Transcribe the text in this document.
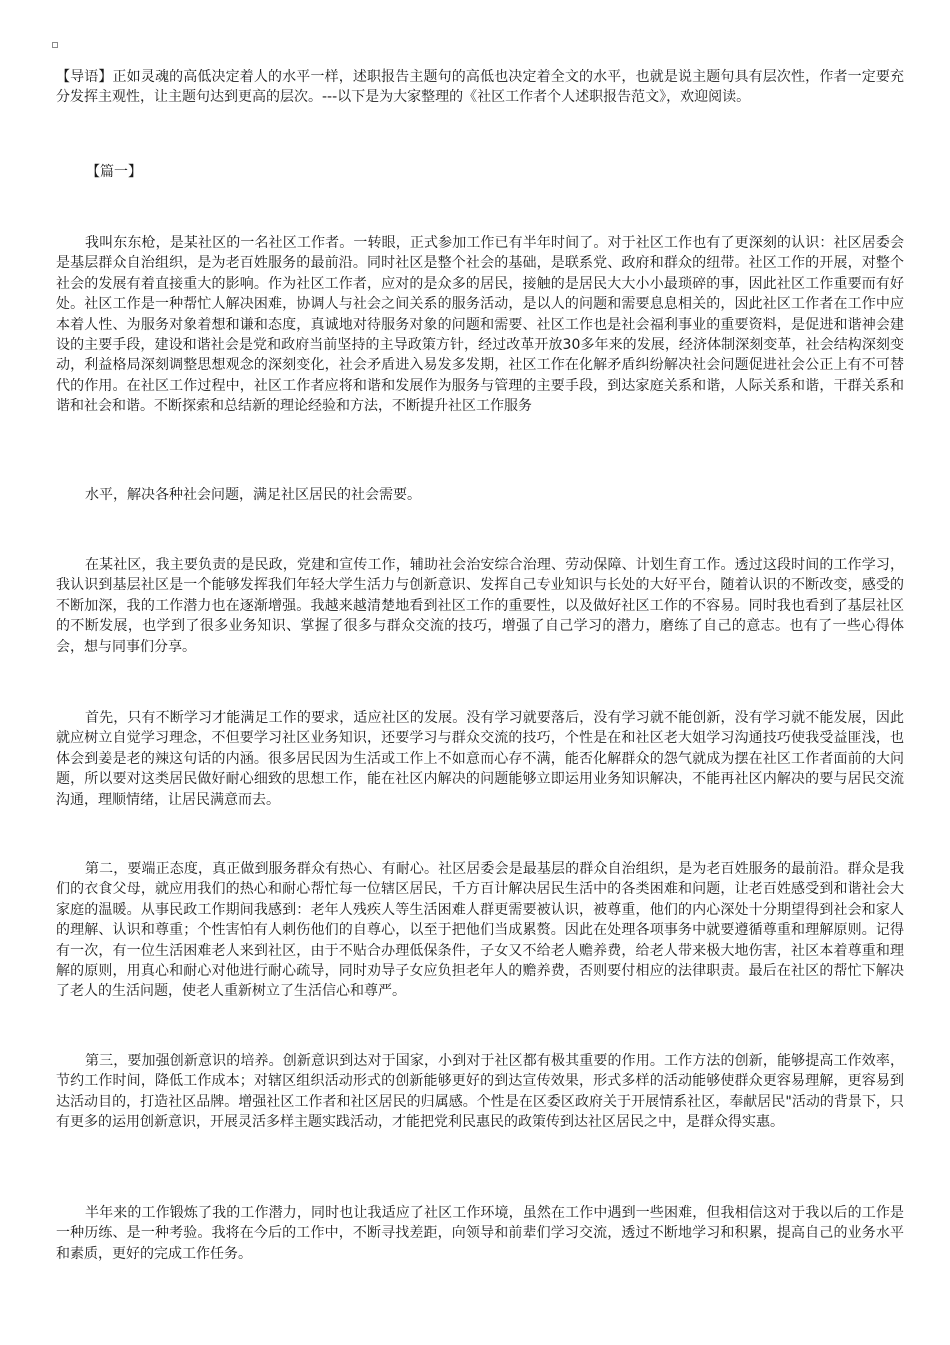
【导语】正如灵魂的高低决定着人的水平一样，述职报告主题句的高低也决定着全文的水平，也就是说主题句具有层次性，作者一定要充分发挥主观性，让主题句达到更高的层次。---以下是为大家整理的《社区工作者个人述职报告范文》，欢迎阅读。

【篇一】

我叫东东枪，是某社区的一名社区工作者。一转眼，正式参加工作已有半年时间了。对于社区工作也有了更深刻的认识：社区居委会是基层群众自治组织，是为老百姓服务的最前沿。同时社区是整个社会的基础，是联系党、政府和群众的纽带。社区工作的开展，对整个社会的发展有着直接重大的影响。作为社区工作者，应对的是众多的居民，接触的是居民大大小小最琐碎的事，因此社区工作重要而有好处。社区工作是一种帮忙人解决困难，协调人与社会之间关系的服务活动，是以人的问题和需要息息相关的，因此社区工作者在工作中应本着人性、为服务对象着想和谦和态度，真诚地对待服务对象的问题和需要、社区工作也是社会福利事业的重要资料，是促进和谐神会建设的主要手段，建设和谐社会是党和政府当前坚持的主导政策方针，经过改革开放30多年来的发展，经济体制深刻变革，社会结构深刻变动，利益格局深刻调整思想观念的深刻变化，社会矛盾进入易发多发期，社区工作在化解矛盾纠纷解决社会问题促进社会公正上有不可替代的作用。在社区工作过程中，社区工作者应将和谐和发展作为服务与管理的主要手段，到达家庭关系和谐，人际关系和谐，干群关系和谐和社会和谐。不断探索和总结新的理论经验和方法，不断提升社区工作服务

水平，解决各种社会问题，满足社区居民的社会需要。

在某社区，我主要负责的是民政，党建和宣传工作，辅助社会治安综合治理、劳动保障、计划生育工作。透过这段时间的工作学习，我认识到基层社区是一个能够发挥我们年轻大学生活力与创新意识、发挥自己专业知识与长处的大好平台，随着认识的不断改变，感受的不断加深，我的工作潜力也在逐渐增强。我越来越清楚地看到社区工作的重要性，以及做好社区工作的不容易。同时我也看到了基层社区的不断发展，也学到了很多业务知识、掌握了很多与群众交流的技巧，增强了自己学习的潜力，磨练了自己的意志。也有了一些心得体会，想与同事们分享。

首先，只有不断学习才能满足工作的要求，适应社区的发展。没有学习就要落后，没有学习就不能创新，没有学习就不能发展，因此就应树立自觉学习理念，不但要学习社区业务知识，还要学习与群众交流的技巧，个性是在和社区老大姐学习沟通技巧使我受益匪浅，也体会到姜是老的辣这句话的内涵。很多居民因为生活或工作上不如意而心存不满，能否化解群众的怨气就成为摆在社区工作者面前的大问题，所以要对这类居民做好耐心细致的思想工作，能在社区内解决的问题能够立即运用业务知识解决，不能再社区内解决的要与居民交流沟通，理顺情绪，让居民满意而去。

第二，要端正态度，真正做到服务群众有热心、有耐心。社区居委会是最基层的群众自治组织，是为老百姓服务的最前沿。群众是我们的衣食父母，就应用我们的热心和耐心帮忙每一位辖区居民，千方百计解决居民生活中的各类困难和问题，让老百姓感受到和谐社会大家庭的温暖。从事民政工作期间我感到：老年人残疾人等生活困难人群更需要被认识，被尊重，他们的内心深处十分期望得到社会和家人的理解、认识和尊重；个性害怕有人刺伤他们的自尊心，以至于把他们当成累赘。因此在处理各项事务中就要遵循尊重和理解原则。记得有一次，有一位生活困难老人来到社区，由于不贴合办理低保条件，子女又不给老人赡养费，给老人带来极大地伤害，社区本着尊重和理解的原则，用真心和耐心对他进行耐心疏导，同时劝导子女应负担老年人的赡养费，否则要付相应的法律职责。最后在社区的帮忙下解决了老人的生活问题，使老人重新树立了生活信心和尊严。

第三，要加强创新意识的培养。创新意识到达对于国家，小到对于社区都有极其重要的作用。工作方法的创新，能够提高工作效率，节约工作时间，降低工作成本；对辖区组织活动形式的创新能够更好的到达宣传效果，形式多样的活动能够使群众更容易理解，更容易到达活动目的，打造社区品牌。增强社区工作者和社区居民的归属感。个性是在区委区政府关于开展情系社区，奉献居民"活动的背景下，只有更多的运用创新意识，开展灵活多样主题实践活动，才能把党利民惠民的政策传到达社区居民之中，是群众得实惠。

半年来的工作锻炼了我的工作潜力，同时也让我适应了社区工作环境，虽然在工作中遇到一些困难，但我相信这对于我以后的工作是一种历练、是一种考验。我将在今后的工作中，不断寻找差距，向领导和前辈们学习交流，透过不断地学习和积累，提高自己的业务水平和素质，更好的完成工作任务。
